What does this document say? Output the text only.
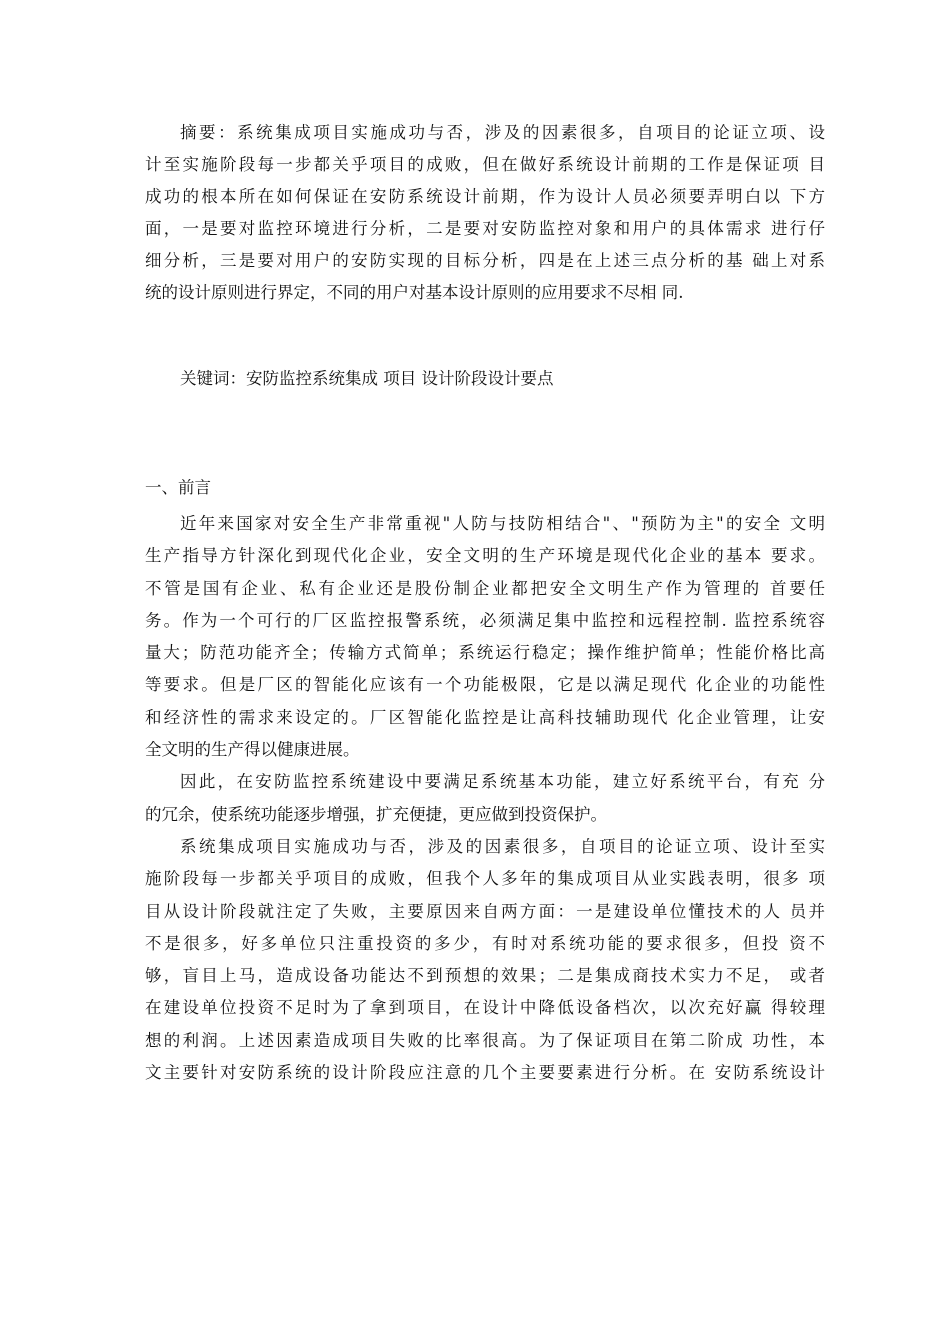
摘要：系统集成项目实施成功与否，涉及的因素很多，自项目的论证立项、设
计至实施阶段每一步都关乎项目的成败，但在做好系统设计前期的工作是保证项 目
成功的根本所在如何保证在安防系统设计前期，作为设计人员必须要弄明白以 下方
面，一是要对监控环境进行分析，二是要对安防监控对象和用户的具体需求 进行仔
细分析，三是要对用户的安防实现的目标分析，四是在上述三点分析的基 础上对系
统的设计原则进行界定，不同的用户对基本设计原则的应用要求不尽相 同.
关键词：安防监控系统集成 项目 设计阶段设计要点
一、前言
近年来国家对安全生产非常重视"人防与技防相结合"、"预防为主"的安全 文明
生产指导方针深化到现代化企业，安全文明的生产环境是现代化企业的基本 要求。
不管是国有企业、私有企业还是股份制企业都把安全文明生产作为管理的 首要任
务。作为一个可行的厂区监控报警系统，必须满足集中监控和远程控制. 监控系统容
量大；防范功能齐全；传输方式简单；系统运行稳定；操作维护简单；性能价格比高
等要求。但是厂区的智能化应该有一个功能极限，它是以满足现代 化企业的功能性
和经济性的需求来设定的。厂区智能化监控是让高科技辅助现代 化企业管理，让安
全文明的生产得以健康进展。
因此，在安防监控系统建设中要满足系统基本功能，建立好系统平台，有充 分
的冗余，使系统功能逐步增强，扩充便捷，更应做到投资保护。
系统集成项目实施成功与否，涉及的因素很多，自项目的论证立项、设计至实
施阶段每一步都关乎项目的成败，但我个人多年的集成项目从业实践表明，很多 项
目从设计阶段就注定了失败，主要原因来自两方面：一是建设单位懂技术的人 员并
不是很多，好多单位只注重投资的多少，有时对系统功能的要求很多，但投 资不
够，盲目上马，造成设备功能达不到预想的效果；二是集成商技术实力不足， 或者
在建设单位投资不足时为了拿到项目，在设计中降低设备档次，以次充好赢 得较理
想的利润。上述因素造成项目失败的比率很高。为了保证项目在第二阶成 功性，本
文主要针对安防系统的设计阶段应注意的几个主要要素进行分析。在 安防系统设计
